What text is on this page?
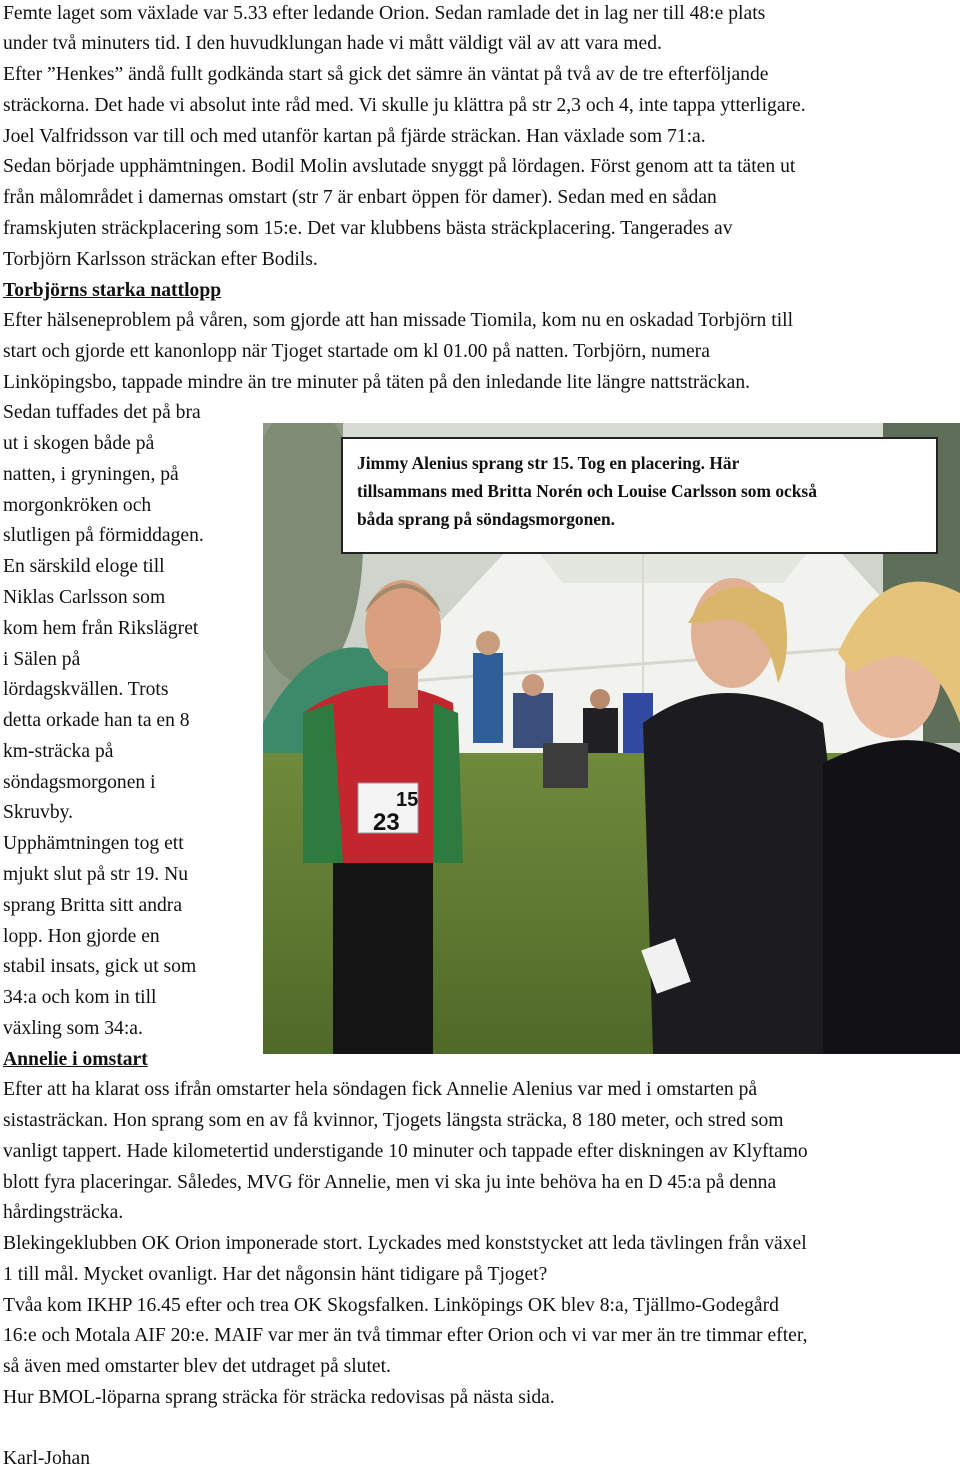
Femte laget som växlade var 5.33 efter ledande Orion. Sedan ramlade det in lag ner till 48:e plats
under två minuters tid. I den huvudklungan hade vi mått väldigt väl av att vara med.
Efter ”Henkes” ändå fullt godkända start så gick det sämre än väntat på två av de tre efterföljande
sträckorna. Det hade vi absolut inte råd med. Vi skulle ju klättra på str 2,3 och 4, inte tappa ytterligare.
Joel Valfridsson var till och med utanför kartan på fjärde sträckan. Han växlade som 71:a.
Sedan började upphämtningen. Bodil Molin avslutade snyggt på lördagen. Först genom att ta täten ut
från målområdet i damernas omstart (str 7 är enbart öppen för damer). Sedan med en sådan
framskjuten sträckplacering som 15:e. Det var klubbens bästa sträckplacering. Tangerades av
Torbjörn Karlsson sträckan efter Bodils.
Torbjörns starka nattlopp
Efter hälseneproblem på våren, som gjorde att han missade Tiomila, kom nu en oskadad Torbjörn till
start och gjorde ett kanonlopp när Tjoget startade om kl 01.00 på natten. Torbjörn, numera
Linköpingsbo, tappade mindre än tre minuter på täten på den inledande lite längre nattsträckan.
Sedan tuffades det på bra
ut i skogen både på
natten, i gryningen, på
morgonkröken och
slutligen på förmiddagen.
En särskild eloge till
Niklas Carlsson som
kom hem från Rikslägret
i Sälen på
lördagskvällen. Trots
detta orkade han ta en 8
km-sträcka på
söndagsmorgonen i
Skruvby.
Upphämtningen tog ett
mjukt slut på str 19. Nu
sprang Britta sitt andra
lopp. Hon gjorde en
stabil insats, gick ut som
34:a och kom in till
växling som 34:a.
15
23
Jimmy Alenius sprang str 15. Tog en placering. Här
tillsammans med Britta Norén och Louise Carlsson som också
båda sprang på söndagsmorgonen.
Annelie i omstart
Efter att ha klarat oss ifrån omstarter hela söndagen fick Annelie Alenius var med i omstarten på
sistasträckan. Hon sprang som en av få kvinnor, Tjogets längsta sträcka, 8 180 meter, och stred som
vanligt tappert. Hade kilometertid understigande 10 minuter och tappade efter diskningen av Klyftamo
blott fyra placeringar. Således, MVG för Annelie, men vi ska ju inte behöva ha en D 45:a på denna
hårdingsträcka.
Blekingeklubben OK Orion imponerade stort. Lyckades med konststycket att leda tävlingen från växel
1 till mål. Mycket ovanligt. Har det någonsin hänt tidigare på Tjoget?
Tvåa kom IKHP 16.45 efter och trea OK Skogsfalken. Linköpings OK blev 8:a, Tjällmo-Godegård
16:e och Motala AIF 20:e. MAIF var mer än två timmar efter Orion och vi var mer än tre timmar efter,
så även med omstarter blev det utdraget på slutet.
Hur BMOL-löparna sprang sträcka för sträcka redovisas på nästa sida.
Karl-Johan
